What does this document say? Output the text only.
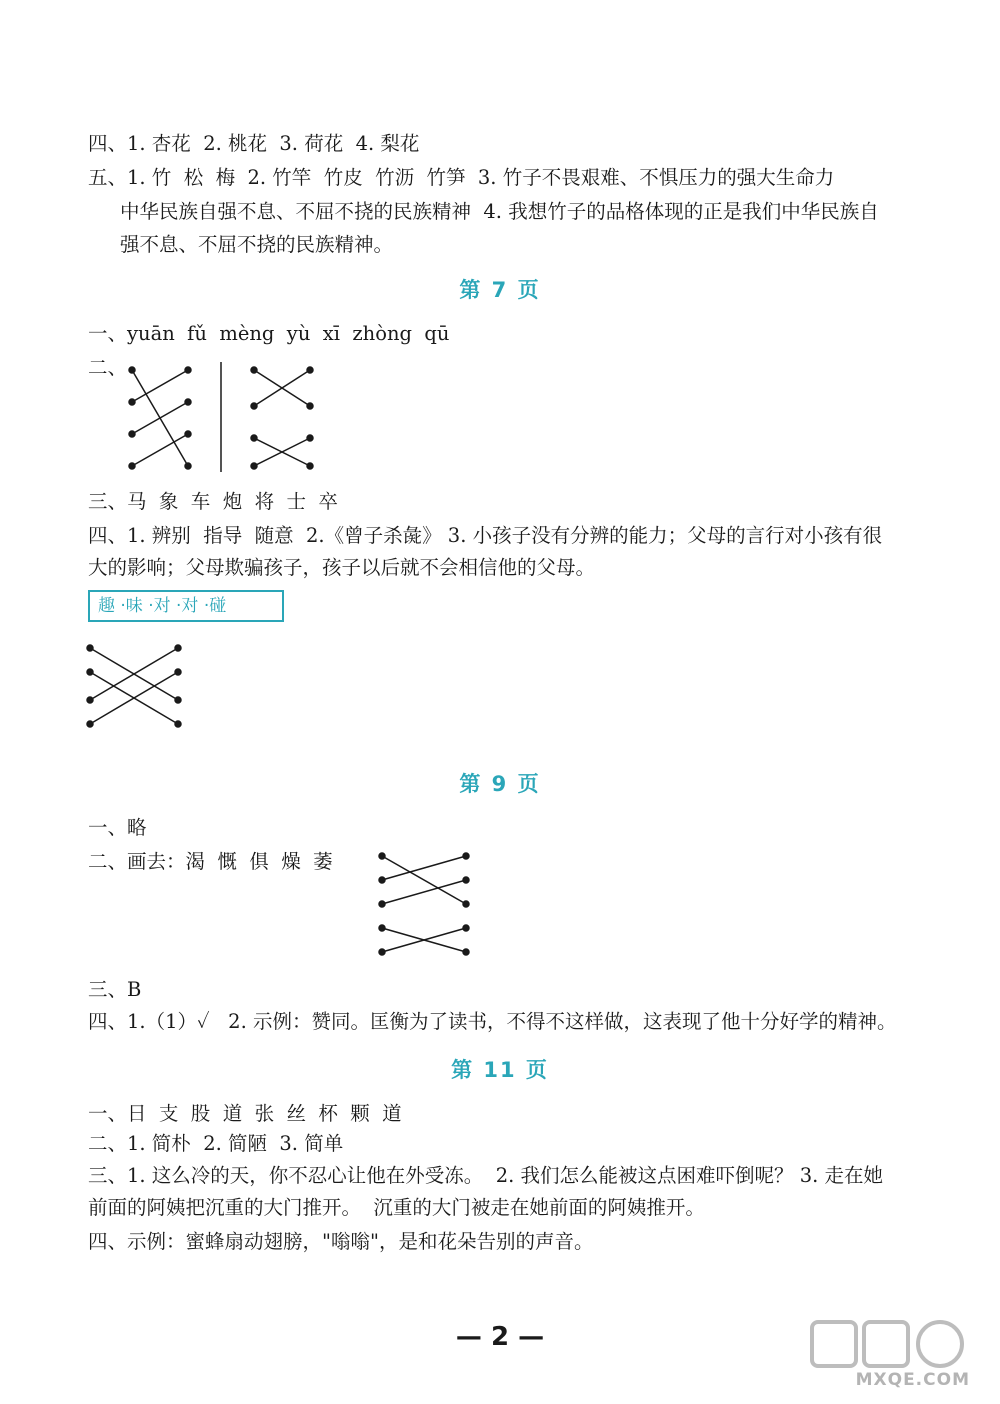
四、1. 杏花  2. 桃花  3. 荷花  4. 梨花
五、1. 竹  松  梅  2. 竹竿  竹皮  竹沥  竹笋  3. 竹子不畏艰难、不惧压力的强大生命力
中华民族自强不息、不屈不挠的民族精神  4. 我想竹子的品格体现的正是我们中华民族自
强不息、不屈不挠的民族精神。
第 7 页
一、yuān  fǔ  mèng  yù  xī  zhòng  qū
二、
三、马  象  车  炮  将  士  卒
四、1. 辨别  指导  随意  2.《曾子杀彘》 3. 小孩子没有分辨的能力；父母的言行对小孩有很
大的影响；父母欺骗孩子，孩子以后就不会相信他的父母。
趣 ·味 ·对 ·对 ·碰
第 9 页
一、略
二、画去：渴  慨  俱  燥  萎
三、B
四、1.（1）✓   2. 示例：赞同。匡衡为了读书，不得不这样做，这表现了他十分好学的精神。
第 11 页
一、日  支  股  道  张  丝  杯  颗  道
二、1. 简朴  2. 简陋  3. 简单
三、1. 这么冷的天，你不忍心让他在外受冻。  2. 我们怎么能被这点困难吓倒呢？ 3. 走在她
前面的阿姨把沉重的大门推开。  沉重的大门被走在她前面的阿姨推开。
四、示例：蜜蜂扇动翅膀，"嗡嗡"，是和花朵告别的声音。
— 2 —
MXQE.COM
